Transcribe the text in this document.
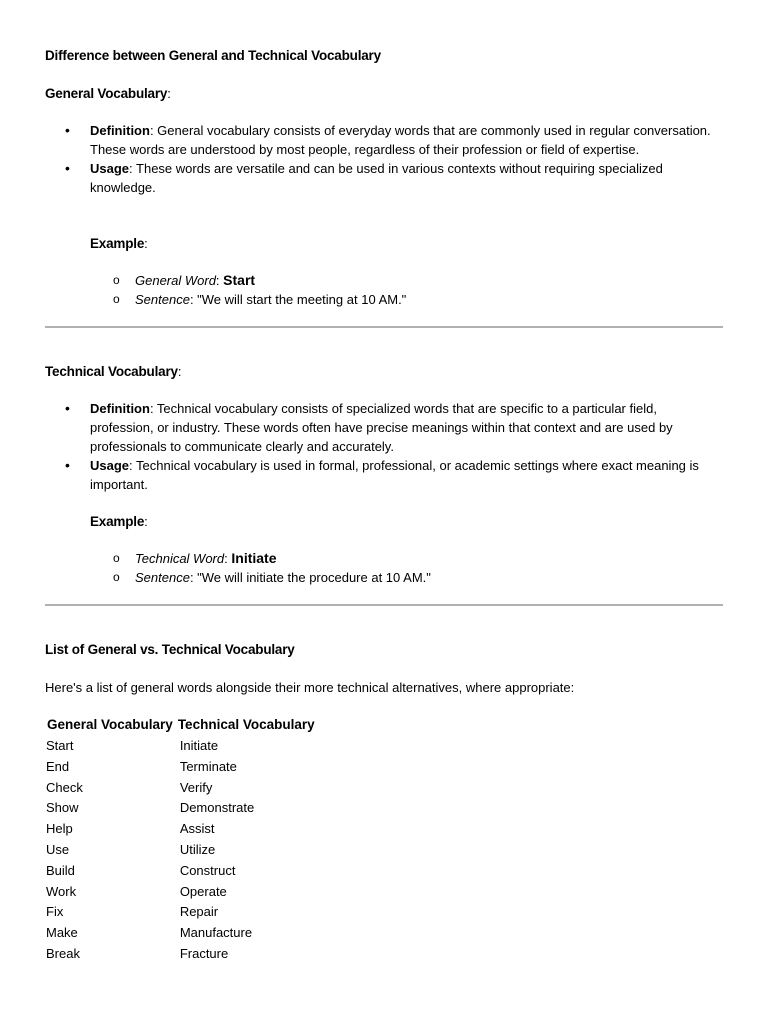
Difference between General and Technical Vocabulary
General Vocabulary:
• Definition: General vocabulary consists of everyday words that are commonly used in regular conversation. These words are understood by most people, regardless of their profession or field of expertise.
• Usage: These words are versatile and can be used in various contexts without requiring specialized knowledge.
Example:
o General Word: Start
o Sentence: "We will start the meeting at 10 AM."
Technical Vocabulary:
• Definition: Technical vocabulary consists of specialized words that are specific to a particular field, profession, or industry. These words often have precise meanings within that context and are used by professionals to communicate clearly and accurately.
• Usage: Technical vocabulary is used in formal, professional, or academic settings where exact meaning is important.
Example:
o Technical Word: Initiate
o Sentence: "We will initiate the procedure at 10 AM."
List of General vs. Technical Vocabulary
Here's a list of general words alongside their more technical alternatives, where appropriate:
General Vocabulary	Technical Vocabulary
Start	Initiate
End	Terminate
Check	Verify
Show	Demonstrate
Help	Assist
Use	Utilize
Build	Construct
Work	Operate
Fix	Repair
Make	Manufacture
Break	Fracture
